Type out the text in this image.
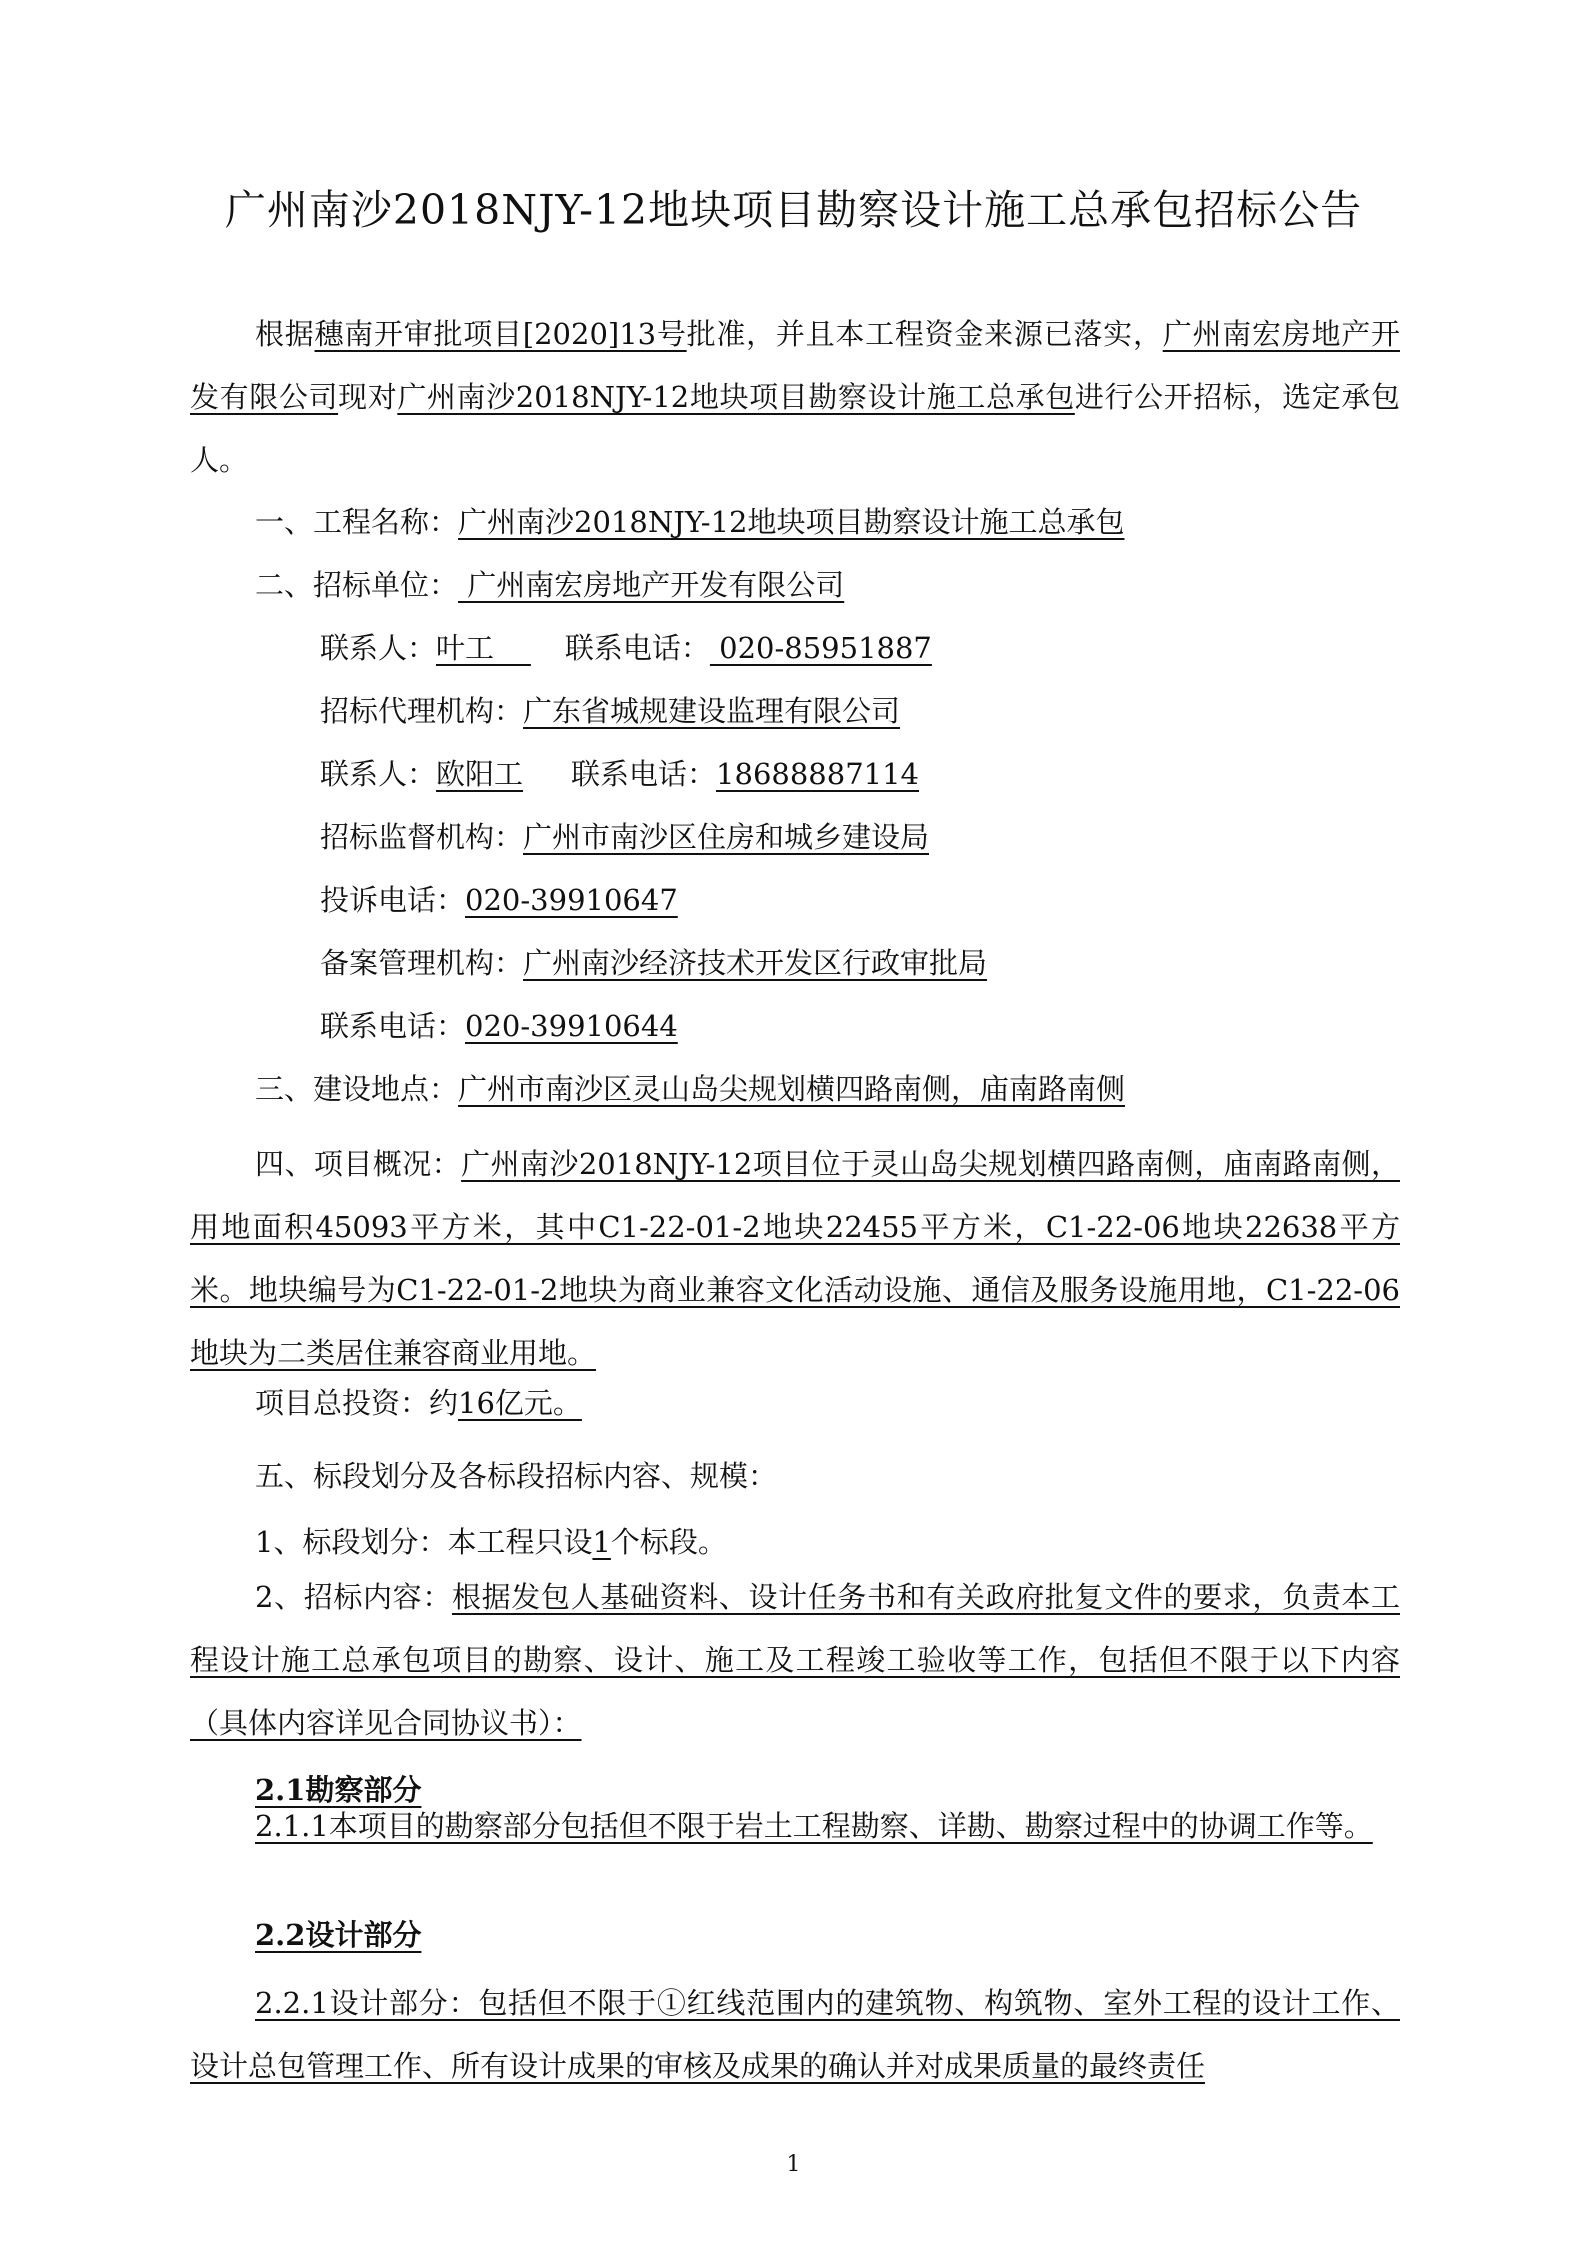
广州南沙2018NJY-12地块项目勘察设计施工总承包招标公告
根据穗南开审批项目[2020]13号批准，并且本工程资金来源已落实，广州南宏房地产开发有限公司现对广州南沙2018NJY-12地块项目勘察设计施工总承包进行公开招标，选定承包人。
一、工程名称：广州南沙2018NJY-12地块项目勘察设计施工总承包
二、招标单位： 广州南宏房地产开发有限公司
联系人：叶工    联系电话： 020-85951887
招标代理机构：广东省城规建设监理有限公司
联系人：欧阳工 联系电话：18688887114
招标监督机构：广州市南沙区住房和城乡建设局
投诉电话：020-39910647
备案管理机构：广州南沙经济技术开发区行政审批局
联系电话：020-39910644
三、建设地点：广州市南沙区灵山岛尖规划横四路南侧，庙南路南侧
四、项目概况：广州南沙2018NJY-12项目位于灵山岛尖规划横四路南侧，庙南路南侧，用地面积45093平方米，其中C1-22-01-2地块22455平方米，C1-22-06地块22638平方米。地块编号为C1-22-01-2地块为商业兼容文化活动设施、通信及服务设施用地，C1-22-06地块为二类居住兼容商业用地。
项目总投资：约16亿元。
五、标段划分及各标段招标内容、规模：
1、标段划分：本工程只设1个标段。
2、招标内容：根据发包人基础资料、设计任务书和有关政府批复文件的要求，负责本工程设计施工总承包项目的勘察、设计、施工及工程竣工验收等工作，包括但不限于以下内容（具体内容详见合同协议书）：
2.1勘察部分
2.1.1本项目的勘察部分包括但不限于岩土工程勘察、详勘、勘察过程中的协调工作等。
2.2设计部分
2.2.1设计部分：包括但不限于①红线范围内的建筑物、构筑物、室外工程的设计工作、设计总包管理工作、所有设计成果的审核及成果的确认并对成果质量的最终责任
1
